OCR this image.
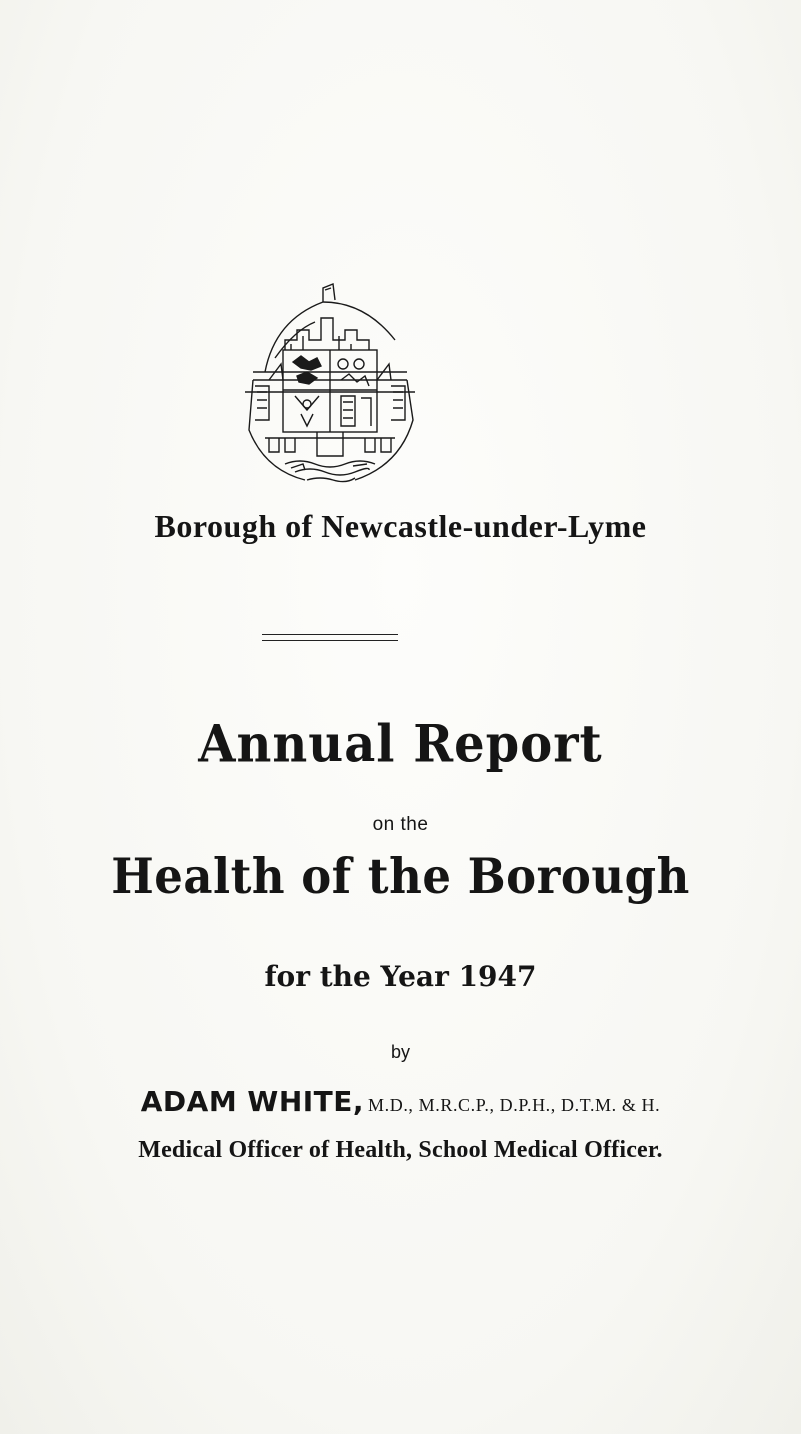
Borough of Newcastle-under-Lyme
Annual Report
on the
Health of the Borough
for the Year 1947
by
ADAM WHITE, M.D., M.R.C.P., D.P.H., D.T.M. & H.
Medical Officer of Health, School Medical Officer.
